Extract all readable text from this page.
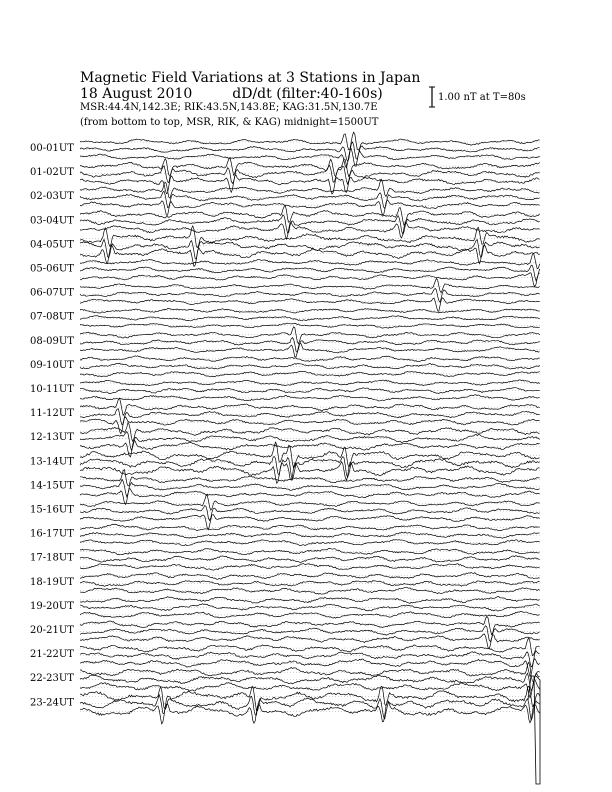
Magnetic Field Variations at 3 Stations in Japan
18 August 2010	dD/dt (filter:40-160s)
MSR:44.4N,142.3E; RIK:43.5N,143.8E; KAG:31.5N,130.7E
(from bottom to top, MSR, RIK, & KAG) midnight=1500UT
1.00 nT at T=80s
00-01UT
01-02UT
02-03UT
03-04UT
04-05UT
05-06UT
06-07UT
07-08UT
08-09UT
09-10UT
10-11UT
11-12UT
12-13UT
13-14UT
14-15UT
15-16UT
16-17UT
17-18UT
18-19UT
19-20UT
20-21UT
21-22UT
22-23UT
23-24UT
